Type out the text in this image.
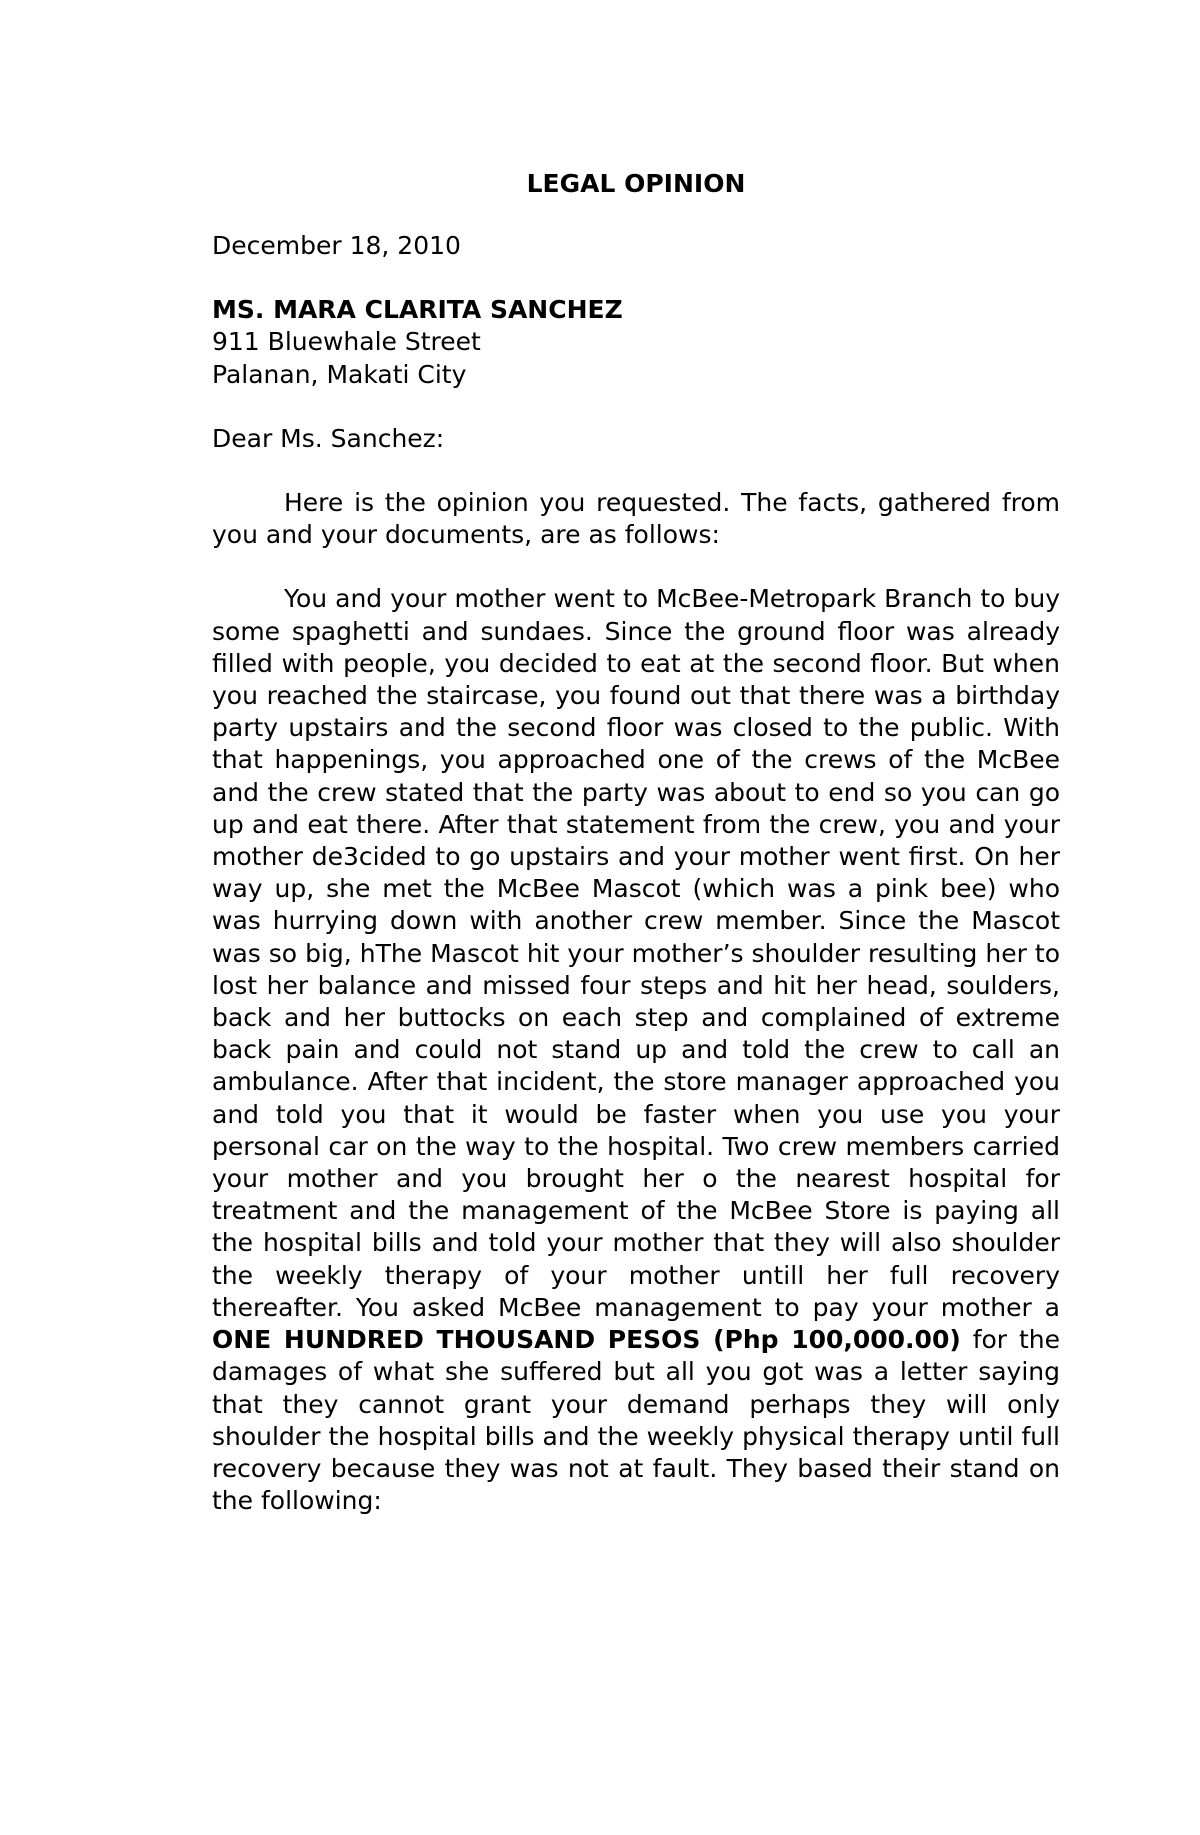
LEGAL OPINION

December 18, 2010

MS. MARA CLARITA SANCHEZ

911 Bluewhale Street

Palanan, Makati City

Dear Ms. Sanchez:

Here is the opinion you requested. The facts, gathered from you and your documents, are as follows:

You and your mother went to McBee-Metropark Branch to buy some spaghetti and sundaes. Since the ground floor was already filled with people, you decided to eat at the second floor. But when you reached the staircase, you found out that there was a birthday party upstairs and the second floor was closed to the public. With that happenings, you approached one of the crews of the McBee and the crew stated that the party was about to end so you can go up and eat there. After that statement from the crew, you and your mother de3cided to go upstairs and your mother went first. On her way up, she met the McBee Mascot (which was a pink bee) who was hurrying down with another crew member. Since the Mascot was so big, hThe Mascot hit your mother’s shoulder resulting her to lost her balance and missed four steps and hit her head, soulders, back and her buttocks on each step and complained of extreme back pain and could not stand up and told the crew to call an ambulance. After that incident, the store manager approached you and told you that it would be faster when you use you your personal car on the way to the hospital. Two crew members carried your mother and you brought her o the nearest hospital for treatment and the management of the McBee Store is paying all the hospital bills and told your mother that they will also shoulder the weekly therapy of your mother untill her full recovery thereafter. You asked McBee management to pay your mother a ONE HUNDRED THOUSAND PESOS (Php 100,000.00) for the damages of what she suffered but all you got was a letter saying that they cannot grant your demand perhaps they will only shoulder the hospital bills and the weekly physical therapy until full recovery because they was not at fault. They based their stand on the following:
